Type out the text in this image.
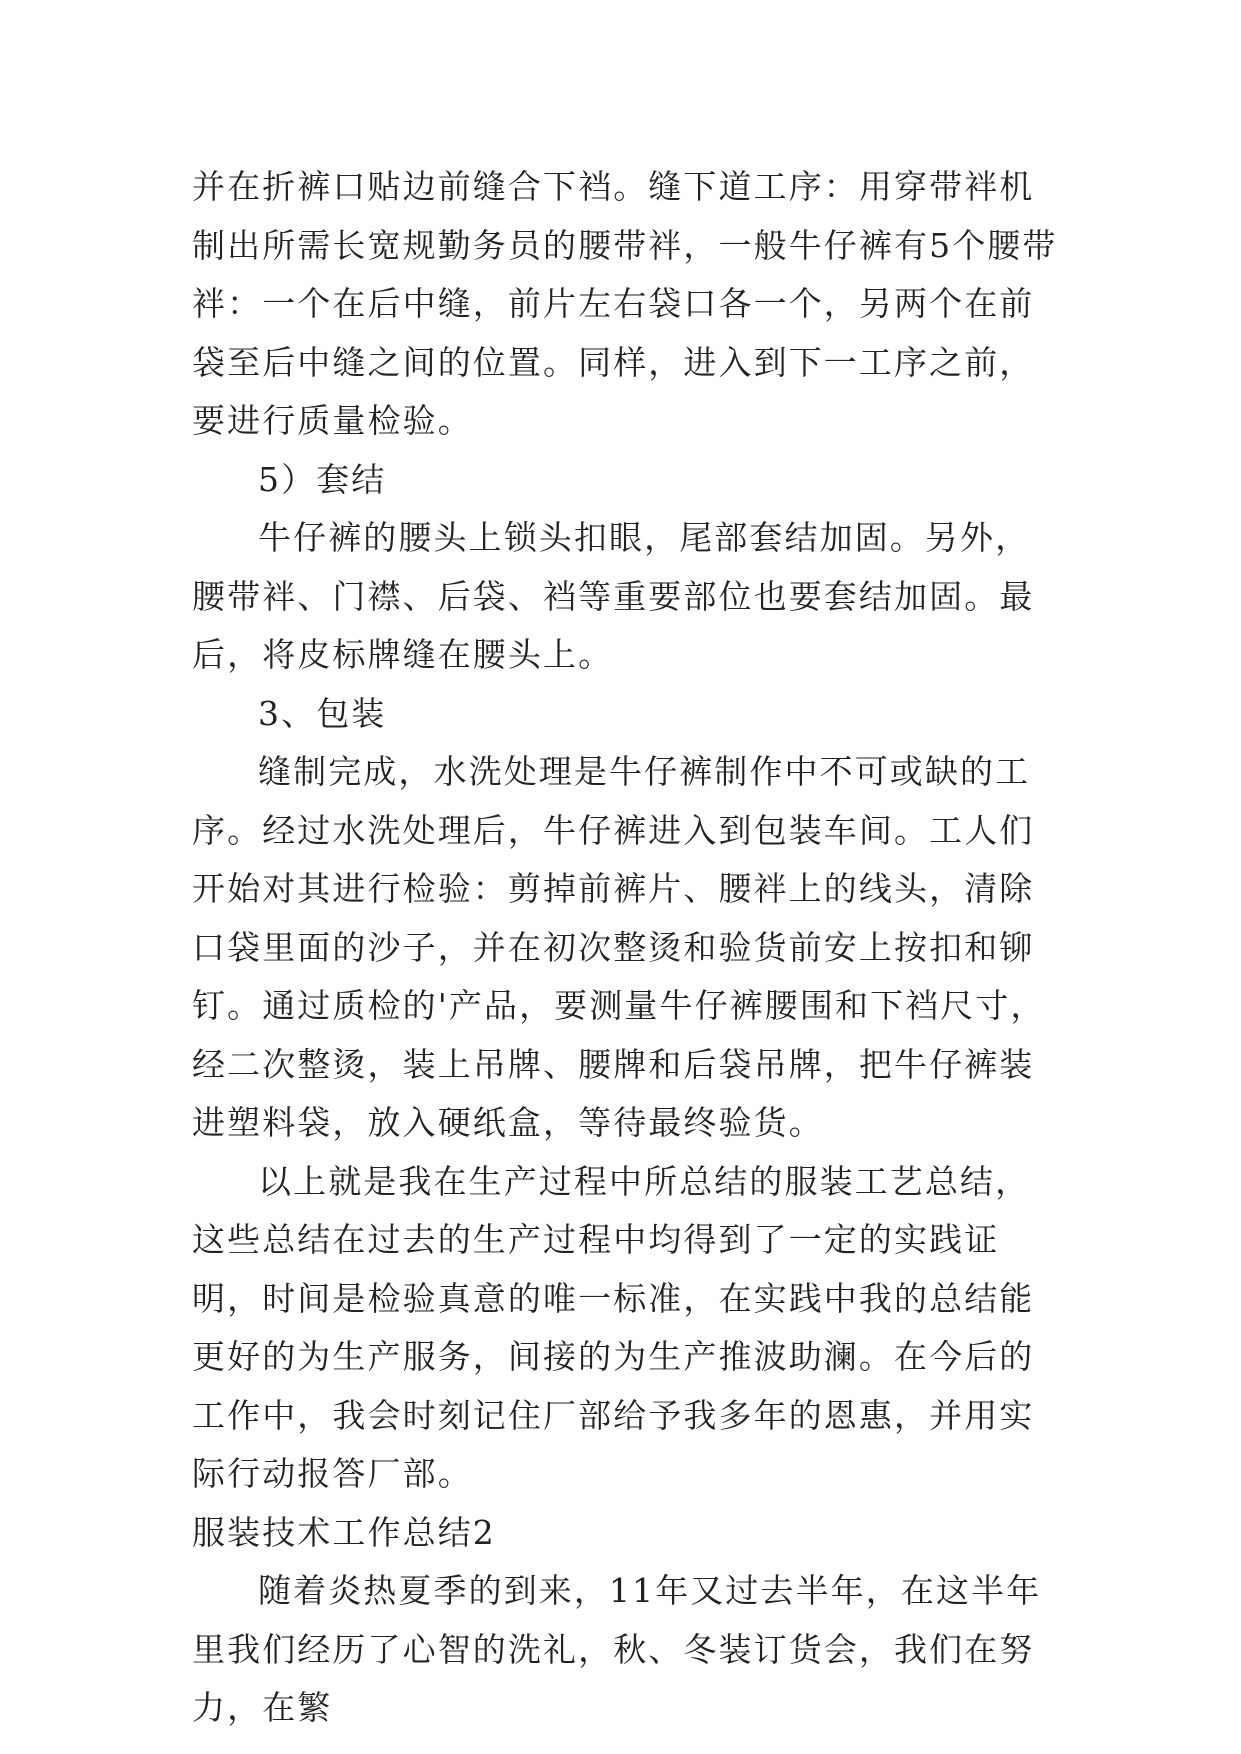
并在折裤口贴边前缝合下裆。缝下道工序：用穿带袢机制出所需长宽规勤务员的腰带袢，一般牛仔裤有5个腰带袢：一个在后中缝，前片左右袋口各一个，另两个在前袋至后中缝之间的位置。同样，进入到下一工序之前，要进行质量检验。

5）套结

牛仔裤的腰头上锁头扣眼，尾部套结加固。另外，腰带袢、门襟、后袋、裆等重要部位也要套结加固。最后，将皮标牌缝在腰头上。

3、包装

缝制完成，水洗处理是牛仔裤制作中不可或缺的工序。经过水洗处理后，牛仔裤进入到包装车间。工人们开始对其进行检验：剪掉前裤片、腰袢上的线头，清除口袋里面的沙子，并在初次整烫和验货前安上按扣和铆钉。通过质检的'产品，要测量牛仔裤腰围和下裆尺寸，经二次整烫，装上吊牌、腰牌和后袋吊牌，把牛仔裤装进塑料袋，放入硬纸盒，等待最终验货。

以上就是我在生产过程中所总结的服装工艺总结，这些总结在过去的生产过程中均得到了一定的实践证明，时间是检验真意的唯一标准，在实践中我的总结能更好的为生产服务，间接的为生产推波助澜。在今后的工作中，我会时刻记住厂部给予我多年的恩惠，并用实际行动报答厂部。

服装技术工作总结2

随着炎热夏季的到来，11年又过去半年，在这半年里我们经历了心智的洗礼，秋、冬装订货会，我们在努力，在繁
